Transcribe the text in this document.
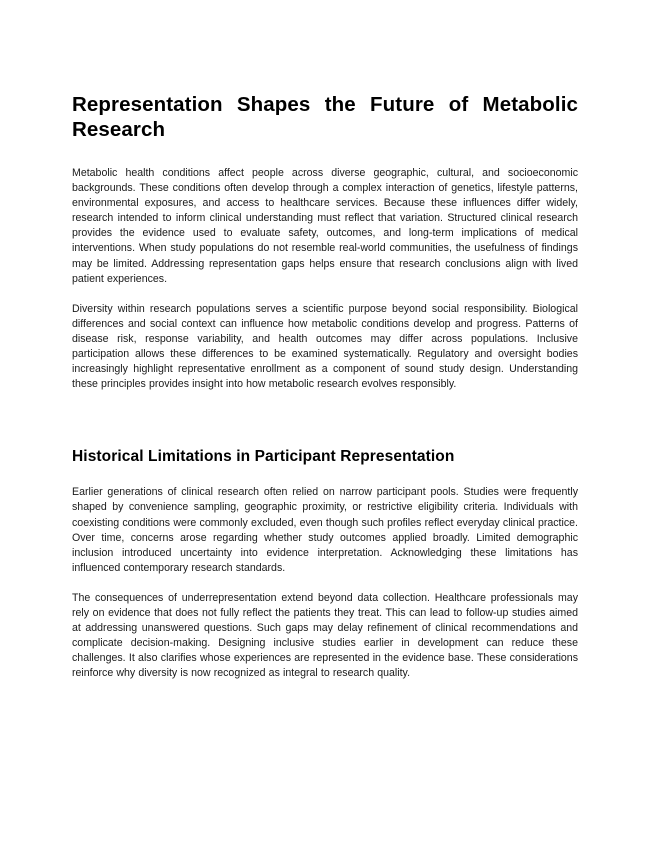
Representation Shapes the Future of Metabolic Research

Metabolic health conditions affect people across diverse geographic, cultural, and socioeconomic backgrounds. These conditions often develop through a complex interaction of genetics, lifestyle patterns, environmental exposures, and access to healthcare services. Because these influences differ widely, research intended to inform clinical understanding must reflect that variation. Structured clinical research provides the evidence used to evaluate safety, outcomes, and long-term implications of medical interventions. When study populations do not resemble real-world communities, the usefulness of findings may be limited. Addressing representation gaps helps ensure that research conclusions align with lived patient experiences.

Diversity within research populations serves a scientific purpose beyond social responsibility. Biological differences and social context can influence how metabolic conditions develop and progress. Patterns of disease risk, response variability, and health outcomes may differ across populations. Inclusive participation allows these differences to be examined systematically. Regulatory and oversight bodies increasingly highlight representative enrollment as a component of sound study design. Understanding these principles provides insight into how metabolic research evolves responsibly.

Historical Limitations in Participant Representation

Earlier generations of clinical research often relied on narrow participant pools. Studies were frequently shaped by convenience sampling, geographic proximity, or restrictive eligibility criteria. Individuals with coexisting conditions were commonly excluded, even though such profiles reflect everyday clinical practice. Over time, concerns arose regarding whether study outcomes applied broadly. Limited demographic inclusion introduced uncertainty into evidence interpretation. Acknowledging these limitations has influenced contemporary research standards.

The consequences of underrepresentation extend beyond data collection. Healthcare professionals may rely on evidence that does not fully reflect the patients they treat. This can lead to follow-up studies aimed at addressing unanswered questions. Such gaps may delay refinement of clinical recommendations and complicate decision-making. Designing inclusive studies earlier in development can reduce these challenges. It also clarifies whose experiences are represented in the evidence base. These considerations reinforce why diversity is now recognized as integral to research quality.
